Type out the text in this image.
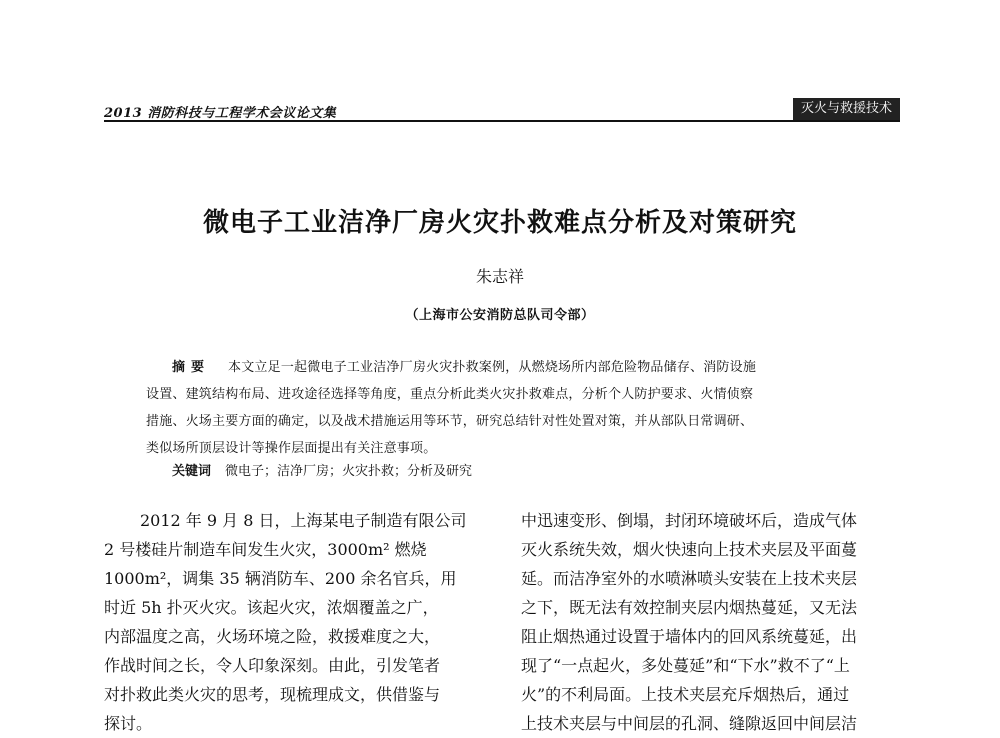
2013 消防科技与工程学术会议论文集	灭火与救援技术
微电子工业洁净厂房火灾扑救难点分析及对策研究
朱志祥
（上海市公安消防总队司令部）
摘要 本文立足一起微电子工业洁净厂房火灾扑救案例，从燃烧场所内部危险物品储存、消防设施
设置、建筑结构布局、进攻途径选择等角度，重点分析此类火灾扑救难点，分析个人防护要求、火情侦察
措施、火场主要方面的确定，以及战术措施运用等环节，研究总结针对性处置对策，并从部队日常调研、
类似场所顶层设计等操作层面提出有关注意事项。
关键词 微电子；洁净厂房；火灾扑救；分析及研究
2012 年 9 月 8 日，上海某电子制造有限公司
2 号楼硅片制造车间发生火灾，3000m² 燃烧
1000m²，调集 35 辆消防车、200 余名官兵，用
时近 5h 扑灭火灾。该起火灾，浓烟覆盖之广，
内部温度之高，火场环境之险，救援难度之大，
作战时间之长，令人印象深刻。由此，引发笔者
对扑救此类火灾的思考，现梳理成文，供借鉴与
探讨。
中迅速变形、倒塌，封闭环境破坏后，造成气体
灭火系统失效，烟火快速向上技术夹层及平面蔓
延。而洁净室外的水喷淋喷头安装在上技术夹层
之下，既无法有效控制夹层内烟热蔓延，又无法
阻止烟热通过设置于墙体内的回风系统蔓延，出
现了“一点起火，多处蔓延”和“下水”救不了“上
火”的不利局面。上技术夹层充斥烟热后，通过
上技术夹层与中间层的孔洞、缝隙返回中间层洁
